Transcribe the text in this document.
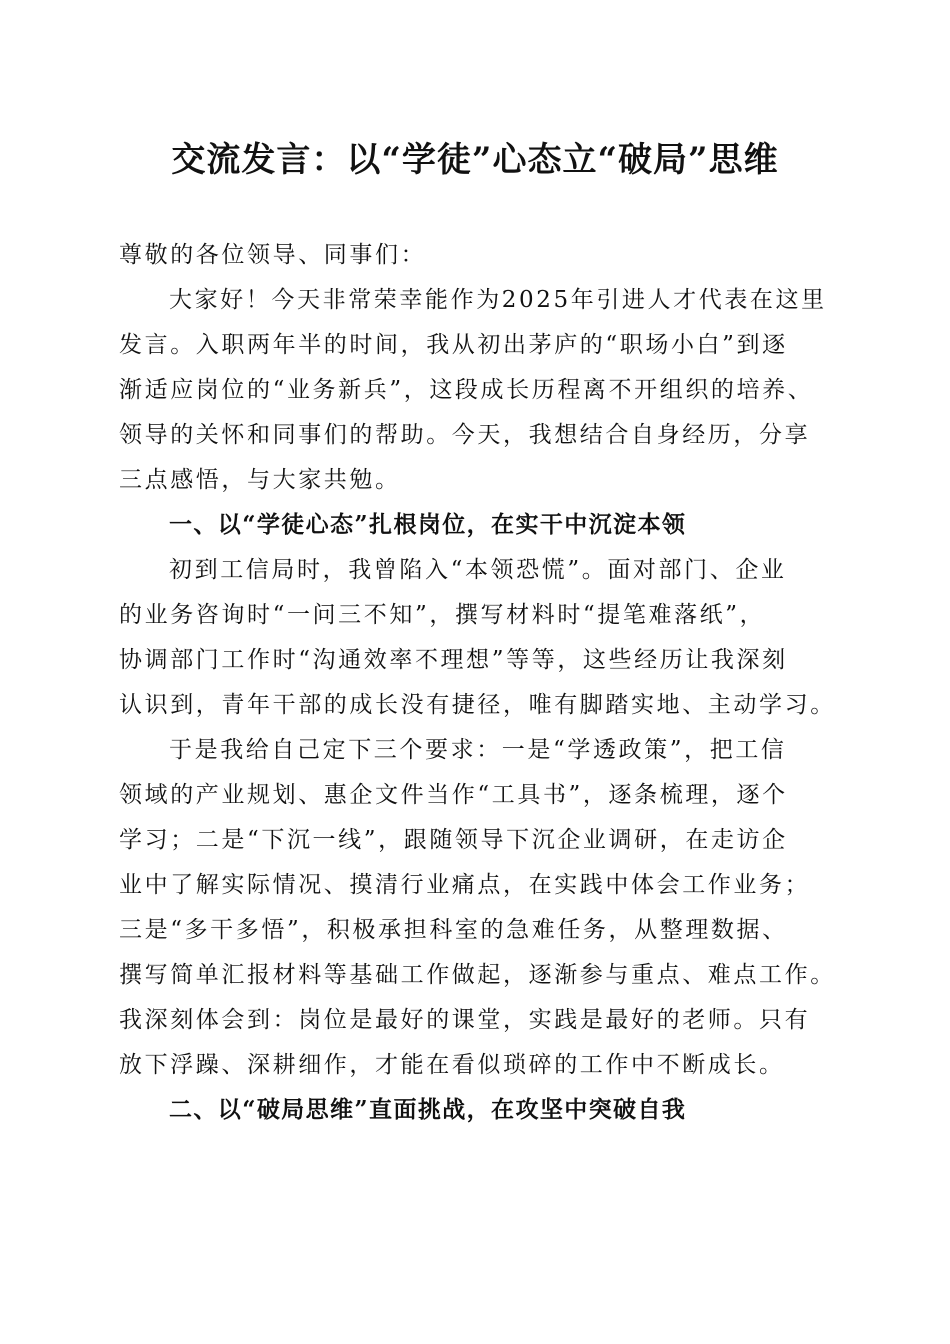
交流发言：以“学徒”心态立“破局”思维
尊敬的各位领导、同事们：
大家好！今天非常荣幸能作为2025年引进人才代表在这里
发言。入职两年半的时间，我从初出茅庐的“职场小白”到逐
渐适应岗位的“业务新兵”，这段成长历程离不开组织的培养、
领导的关怀和同事们的帮助。今天，我想结合自身经历，分享
三点感悟，与大家共勉。
一、以“学徒心态”扎根岗位，在实干中沉淀本领
初到工信局时，我曾陷入“本领恐慌”。面对部门、企业
的业务咨询时“一问三不知”，撰写材料时“提笔难落纸”，
协调部门工作时“沟通效率不理想”等等，这些经历让我深刻
认识到，青年干部的成长没有捷径，唯有脚踏实地、主动学习。
于是我给自己定下三个要求：一是“学透政策”，把工信
领域的产业规划、惠企文件当作“工具书”，逐条梳理，逐个
学习；二是“下沉一线”，跟随领导下沉企业调研，在走访企
业中了解实际情况、摸清行业痛点，在实践中体会工作业务；
三是“多干多悟”，积极承担科室的急难任务，从整理数据、
撰写简单汇报材料等基础工作做起，逐渐参与重点、难点工作。
我深刻体会到：岗位是最好的课堂，实践是最好的老师。只有
放下浮躁、深耕细作，才能在看似琐碎的工作中不断成长。
二、以“破局思维”直面挑战，在攻坚中突破自我
